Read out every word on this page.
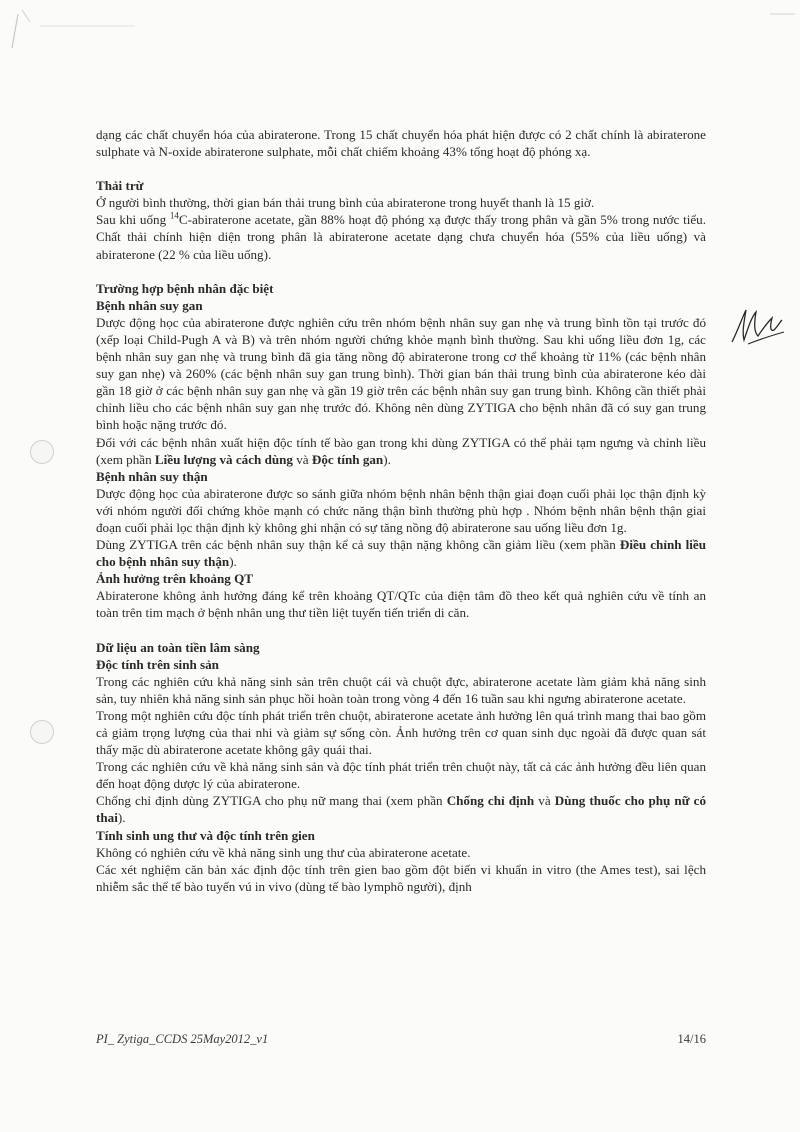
dạng các chất chuyển hóa của abiraterone. Trong 15 chất chuyển hóa phát hiện được có 2 chất chính là abiraterone sulphate và N-oxide abiraterone sulphate, mỗi chất chiếm khoảng 43% tổng hoạt độ phóng xạ.

Thải trừ

Ở người bình thường, thời gian bán thải trung bình của abiraterone trong huyết thanh là 15 giờ.

Sau khi uống $^{14}$C-abiraterone acetate, gần 88% hoạt độ phóng xạ được thấy trong phân và gần 5% trong nước tiểu. Chất thải chính hiện diện trong phân là abiraterone acetate dạng chưa chuyển hóa (55% của liều uống) và abiraterone (22 % của liều uống).

Trường hợp bệnh nhân đặc biệt
Bệnh nhân suy gan

Dược động học của abiraterone được nghiên cứu trên nhóm bệnh nhân suy gan nhẹ và trung bình tồn tại trước đó (xếp loại Child-Pugh A và B) và trên nhóm người chứng khỏe mạnh bình thường. Sau khi uống liều đơn 1g, các bệnh nhân suy gan nhẹ và trung bình đã gia tăng nồng độ abiraterone trong cơ thể khoảng từ 11% (các bệnh nhân suy gan nhẹ) và 260% (các bệnh nhân suy gan trung bình). Thời gian bán thải trung bình của abiraterone kéo dài gần 18 giờ ở các bệnh nhân suy gan nhẹ và gần 19 giờ trên các bệnh nhân suy gan trung bình. Không cần thiết phải chỉnh liều cho các bệnh nhân suy gan nhẹ trước đó. Không nên dùng ZYTIGA cho bệnh nhân đã có suy gan trung bình hoặc nặng trước đó.

Đối với các bệnh nhân xuất hiện độc tính tế bào gan trong khi dùng ZYTIGA có thể phải tạm ngưng và chỉnh liều (xem phần Liều lượng và cách dùng và Độc tính gan).

Bệnh nhân suy thận

Dược động học của abiraterone được so sánh giữa nhóm bệnh nhân bệnh thận giai đoạn cuối phải lọc thận định kỳ với nhóm người đối chứng khỏe mạnh có chức năng thận bình thường phù hợp . Nhóm bệnh nhân bệnh thận giai đoạn cuối phải lọc thận định kỳ không ghi nhận có sự tăng nồng độ abiraterone sau uống liều đơn 1g.

Dùng ZYTIGA trên các bệnh nhân suy thận kể cả suy thận nặng không cần giảm liều (xem phần Điều chỉnh liều cho bệnh nhân suy thận).

Ảnh hưởng trên khoảng QT

Abiraterone không ảnh hưởng đáng kể trên khoảng QT/QTc của điện tâm đồ theo kết quả nghiên cứu về tính an toàn trên tim mạch ở bệnh nhân ung thư tiền liệt tuyến tiến triển di căn.

Dữ liệu an toàn tiền lâm sàng
Độc tính trên sinh sản

Trong các nghiên cứu khả năng sinh sản trên chuột cái và chuột đực, abiraterone acetate làm giảm khả năng sinh sản, tuy nhiên khả năng sinh sản phục hồi hoàn toàn trong vòng 4 đến 16 tuần sau khi ngưng abiraterone acetate.

Trong một nghiên cứu độc tính phát triển trên chuột, abiraterone acetate ảnh hưởng lên quá trình mang thai bao gồm cả giảm trọng lượng của thai nhi và giảm sự sống còn. Ảnh hưởng trên cơ quan sinh dục ngoài đã được quan sát thấy mặc dù abiraterone acetate không gây quái thai.

Trong các nghiên cứu về khả năng sinh sản và độc tính phát triển trên chuột này, tất cả các ảnh hưởng đều liên quan đến hoạt động dược lý của abiraterone.

Chống chỉ định dùng ZYTIGA cho phụ nữ mang thai (xem phần Chống chỉ định và Dùng thuốc cho phụ nữ có thai).

Tính sinh ung thư và độc tính trên gien

Không có nghiên cứu về khả năng sinh ung thư của abiraterone acetate.

Các xét nghiệm căn bản xác định độc tính trên gien bao gồm đột biến vi khuẩn in vitro (the Ames test), sai lệch nhiễm sắc thể tế bào tuyến vú in vivo (dùng tế bào lymphô người), định

PI_ Zytiga_CCDS 25May2012_v1	14/16
